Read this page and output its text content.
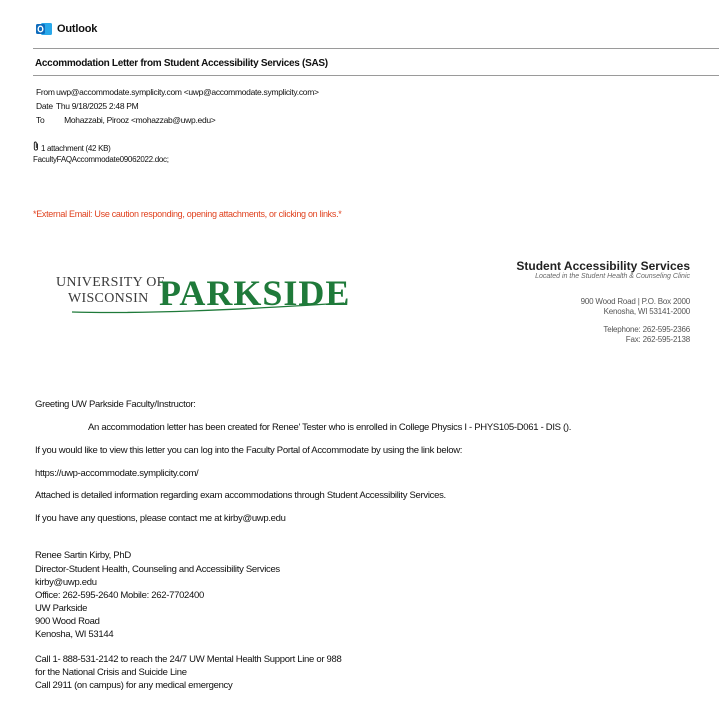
Outlook
Accommodation Letter from Student Accessibility Services (SAS)
From uwp@accommodate.symplicity.com <uwp@accommodate.symplicity.com>
Date Thu 9/18/2025 2:48 PM
To Mohazzabi, Pirooz <mohazzab@uwp.edu>
1 attachment (42 KB)
FacultyFAQAccommodate09062022.doc;
*External Email: Use caution responding, opening attachments, or clicking on links.*
UNIVERSITY OF
WISCONSIN PARKSIDE
Student Accessibility Services
Located in the Student Health & Counseling Clinic
900 Wood Road | P.O. Box 2000
Kenosha, WI 53141-2000
Telephone: 262-595-2366
Fax: 262-595-2138
Greeting UW Parkside Faculty/Instructor:
An accommodation letter has been created for Renee' Tester who is enrolled in College Physics I - PHYS105-D061 - DIS ().
If you would like to view this letter you can log into the Faculty Portal of Accommodate by using the link below:
https://uwp-accommodate.symplicity.com/
Attached is detailed information regarding exam accommodations through Student Accessibility Services.
If you have any questions, please contact me at kirby@uwp.edu
Renee Sartin Kirby, PhD
Director-Student Health, Counseling and Accessibility Services
kirby@uwp.edu
Office: 262-595-2640 Mobile: 262-7702400
UW Parkside
900 Wood Road
Kenosha, WI 53144
Call 1- 888-531-2142 to reach the 24/7 UW Mental Health Support Line or 988
for the National Crisis and Suicide Line
Call 2911 (on campus) for any medical emergency
